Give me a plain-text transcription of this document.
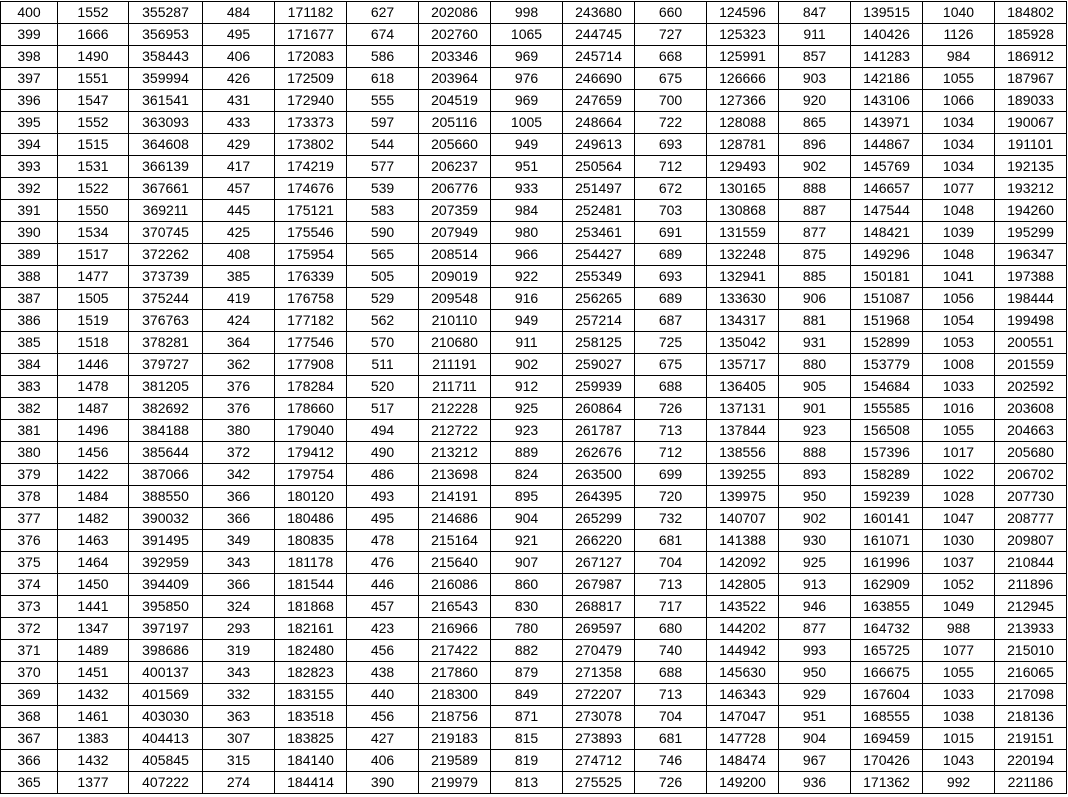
400	1552	355287	484	171182	627	202086	998	243680	660	124596	847	139515	1040	184802
399	1666	356953	495	171677	674	202760	1065	244745	727	125323	911	140426	1126	185928
398	1490	358443	406	172083	586	203346	969	245714	668	125991	857	141283	984	186912
397	1551	359994	426	172509	618	203964	976	246690	675	126666	903	142186	1055	187967
396	1547	361541	431	172940	555	204519	969	247659	700	127366	920	143106	1066	189033
395	1552	363093	433	173373	597	205116	1005	248664	722	128088	865	143971	1034	190067
394	1515	364608	429	173802	544	205660	949	249613	693	128781	896	144867	1034	191101
393	1531	366139	417	174219	577	206237	951	250564	712	129493	902	145769	1034	192135
392	1522	367661	457	174676	539	206776	933	251497	672	130165	888	146657	1077	193212
391	1550	369211	445	175121	583	207359	984	252481	703	130868	887	147544	1048	194260
390	1534	370745	425	175546	590	207949	980	253461	691	131559	877	148421	1039	195299
389	1517	372262	408	175954	565	208514	966	254427	689	132248	875	149296	1048	196347
388	1477	373739	385	176339	505	209019	922	255349	693	132941	885	150181	1041	197388
387	1505	375244	419	176758	529	209548	916	256265	689	133630	906	151087	1056	198444
386	1519	376763	424	177182	562	210110	949	257214	687	134317	881	151968	1054	199498
385	1518	378281	364	177546	570	210680	911	258125	725	135042	931	152899	1053	200551
384	1446	379727	362	177908	511	211191	902	259027	675	135717	880	153779	1008	201559
383	1478	381205	376	178284	520	211711	912	259939	688	136405	905	154684	1033	202592
382	1487	382692	376	178660	517	212228	925	260864	726	137131	901	155585	1016	203608
381	1496	384188	380	179040	494	212722	923	261787	713	137844	923	156508	1055	204663
380	1456	385644	372	179412	490	213212	889	262676	712	138556	888	157396	1017	205680
379	1422	387066	342	179754	486	213698	824	263500	699	139255	893	158289	1022	206702
378	1484	388550	366	180120	493	214191	895	264395	720	139975	950	159239	1028	207730
377	1482	390032	366	180486	495	214686	904	265299	732	140707	902	160141	1047	208777
376	1463	391495	349	180835	478	215164	921	266220	681	141388	930	161071	1030	209807
375	1464	392959	343	181178	476	215640	907	267127	704	142092	925	161996	1037	210844
374	1450	394409	366	181544	446	216086	860	267987	713	142805	913	162909	1052	211896
373	1441	395850	324	181868	457	216543	830	268817	717	143522	946	163855	1049	212945
372	1347	397197	293	182161	423	216966	780	269597	680	144202	877	164732	988	213933
371	1489	398686	319	182480	456	217422	882	270479	740	144942	993	165725	1077	215010
370	1451	400137	343	182823	438	217860	879	271358	688	145630	950	166675	1055	216065
369	1432	401569	332	183155	440	218300	849	272207	713	146343	929	167604	1033	217098
368	1461	403030	363	183518	456	218756	871	273078	704	147047	951	168555	1038	218136
367	1383	404413	307	183825	427	219183	815	273893	681	147728	904	169459	1015	219151
366	1432	405845	315	184140	406	219589	819	274712	746	148474	967	170426	1043	220194
365	1377	407222	274	184414	390	219979	813	275525	726	149200	936	171362	992	221186
